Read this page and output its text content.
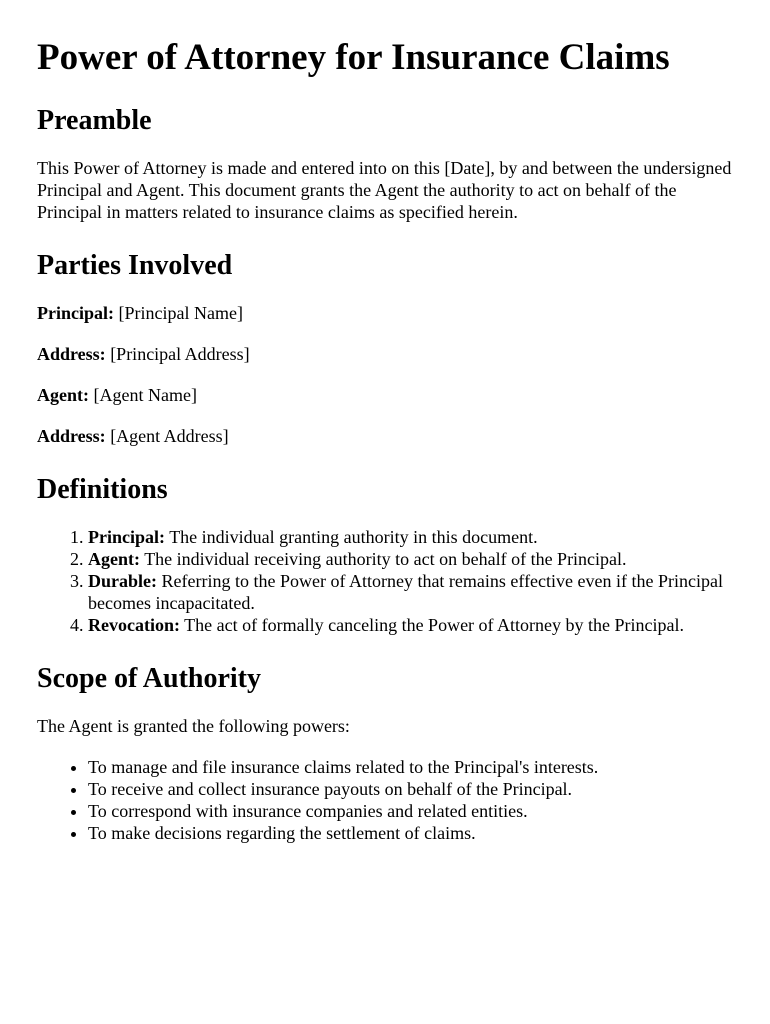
Power of Attorney for Insurance Claims
Preamble

This Power of Attorney is made and entered into on this [Date], by and between the undersigned Principal and Agent. This document grants the Agent the authority to act on behalf of the Principal in matters related to insurance claims as specified herein.

Parties Involved

Principal: [Principal Name]

Address: [Principal Address]

Agent: [Agent Name]

Address: [Agent Address]

Definitions
1. Principal: The individual granting authority in this document.
2. Agent: The individual receiving authority to act on behalf of the Principal.
3. Durable: Referring to the Power of Attorney that remains effective even if the Principal becomes incapacitated.
4. Revocation: The act of formally canceling the Power of Attorney by the Principal.
Scope of Authority

The Agent is granted the following powers:

• To manage and file insurance claims related to the Principal's interests.
• To receive and collect insurance payouts on behalf of the Principal.
• To correspond with insurance companies and related entities.
• To make decisions regarding the settlement of claims.
